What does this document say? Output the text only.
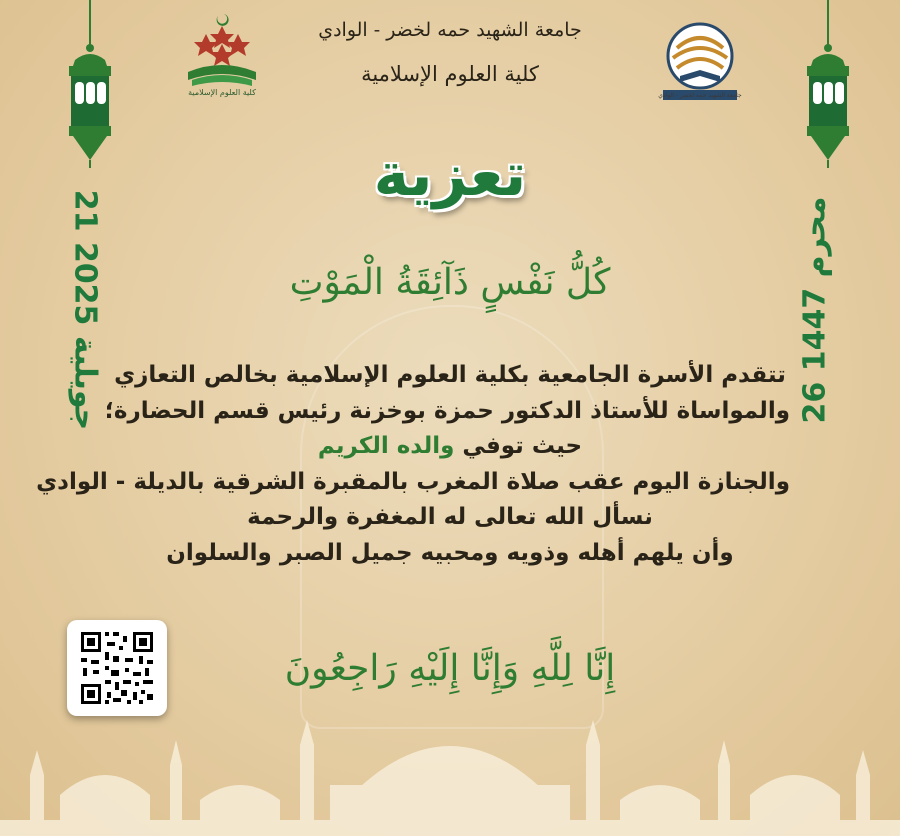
كلية العلوم الإسلامية	جامعة الشهيد حمه لخضر - الوادي
جامعة الشهيد حمه لخضر - الوادي
كلية العلوم الإسلامية
تعزية
21 جويلية 2025	26 محرم 1447
كُلُّ نَفْسٍ ذَآئِقَةُ الْمَوْتِ
تتقدم الأسرة الجامعية بكلية العلوم الإسلامية بخالص التعازي
والمواساة للأستاذ الدكتور حمزة بوخزنة رئيس قسم الحضارة؛
حيث توفي والده الكريم
والجنازة اليوم عقب صلاة المغرب بالمقبرة الشرقية بالديلة - الوادي
نسأل الله تعالى له المغفرة والرحمة
وأن يلهم أهله وذويه ومحبيه جميل الصبر والسلوان
إِنَّا لِلَّهِ وَإِنَّا إِلَيْهِ رَاجِعُونَ
